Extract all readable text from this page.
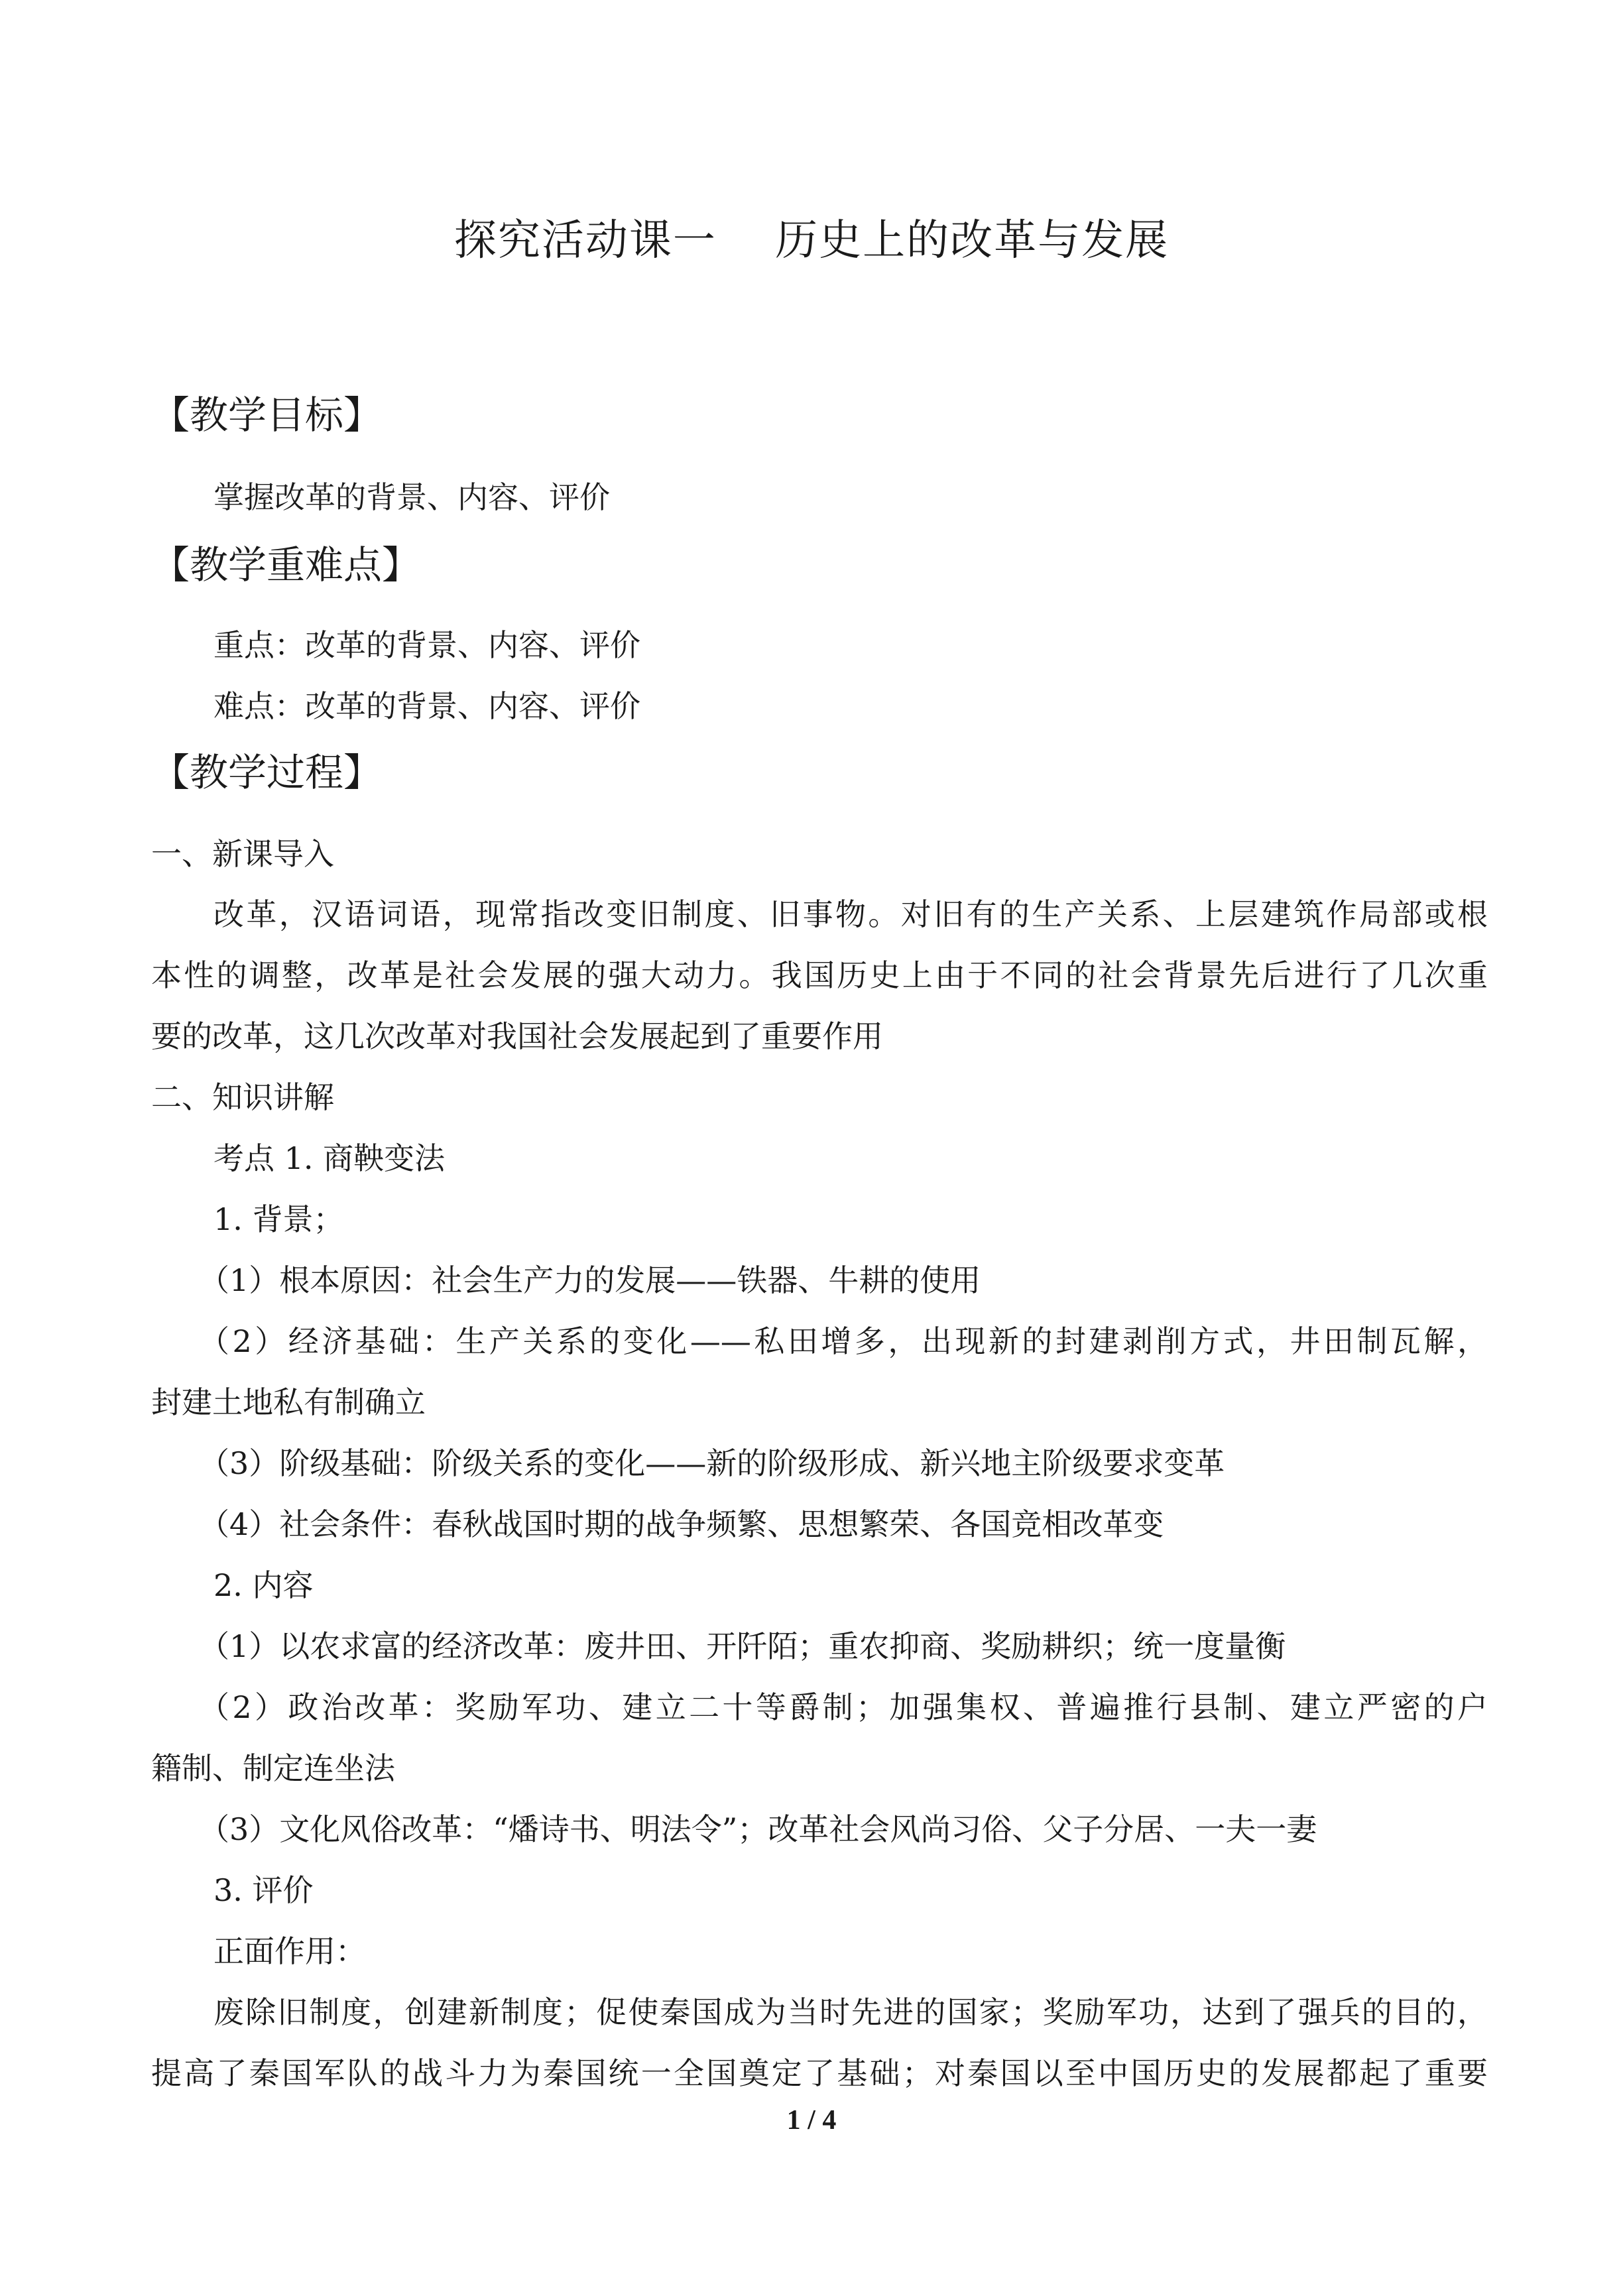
探究活动课一　 历史上的改革与发展
【教学目标】
掌握改革的背景、内容、评价
【教学重难点】
重点：改革的背景、内容、评价
难点：改革的背景、内容、评价
【教学过程】
一、新课导入
改革，汉语词语，现常指改变旧制度、旧事物。对旧有的生产关系、上层建筑作局部或根
本性的调整，改革是社会发展的强大动力。我国历史上由于不同的社会背景先后进行了几次重
要的改革，这几次改革对我国社会发展起到了重要作用
二、知识讲解
考点 1. 商鞅变法
1. 背景；
（1）根本原因：社会生产力的发展——铁器、牛耕的使用
（2）经济基础：生产关系的变化——私田增多，出现新的封建剥削方式，井田制瓦解，
封建土地私有制确立
（3）阶级基础：阶级关系的变化——新的阶级形成、新兴地主阶级要求变革
（4）社会条件：春秋战国时期的战争频繁、思想繁荣、各国竞相改革变
2. 内容
（1）以农求富的经济改革：废井田、开阡陌；重农抑商、奖励耕织；统一度量衡
（2）政治改革：奖励军功、建立二十等爵制；加强集权、普遍推行县制、建立严密的户
籍制、制定连坐法
（3）文化风俗改革：“燔诗书、明法令”；改革社会风尚习俗、父子分居、一夫一妻
3. 评价
正面作用：
废除旧制度，创建新制度；促使秦国成为当时先进的国家；奖励军功，达到了强兵的目的，
提高了秦国军队的战斗力为秦国统一全国奠定了基础；对秦国以至中国历史的发展都起了重要
1 / 4
